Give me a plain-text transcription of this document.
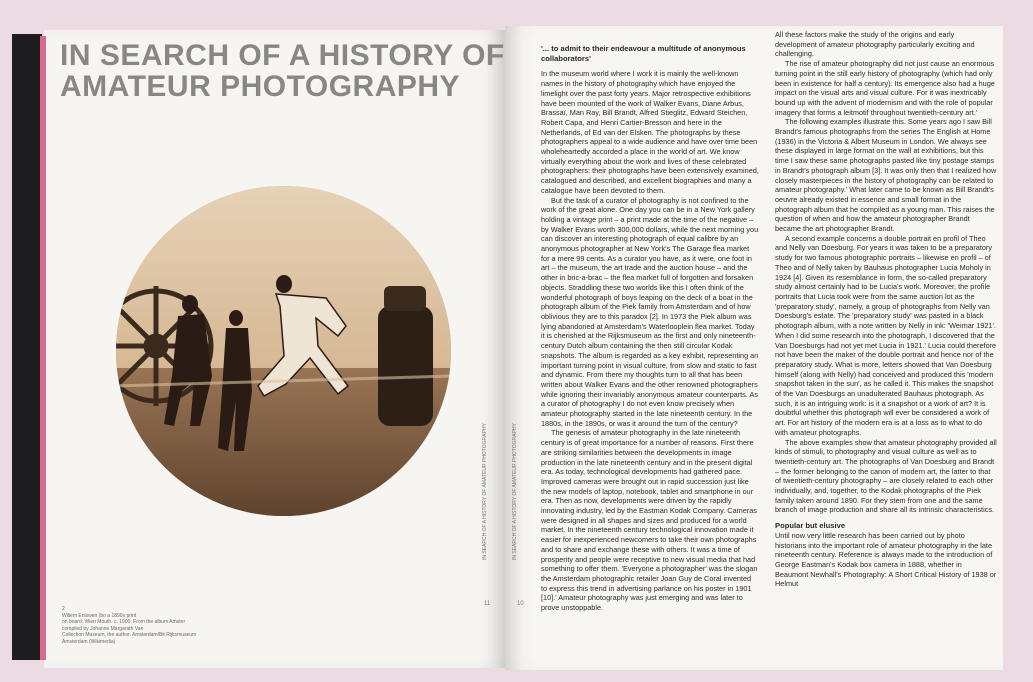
IN SEARCH OF A HISTORY OF
AMATEUR PHOTOGRAPHY
2
Willem Eniswen (bo a 1890s print
on board. Wien Mouth. c. 1900. From the album Amster
compiled by Johanne Margarath Van
Collection Museum, the author. Amsterdam/Bit Rijksmuseum
Amsterdam (Wikimedia)
11
IN SEARCH OF A HISTORY OF AMATEUR PHOTOGRAPHY
10
IN SEARCH OF A HISTORY OF AMATEUR PHOTOGRAPHY
'... to admit to their endeavour a multitude of anonymous collaborators'

In the museum world where I work it is mainly the well-known names in the history of photography which have enjoyed the limelight over the past forty years. Major retrospective exhibitions have been mounted of the work of Walker Evans, Diane Arbus, Brassaï, Man Ray, Bill Brandt, Alfred Stieglitz, Edward Steichen, Robert Capa, and Henri Cartier-Bresson and here in the Netherlands, of Ed van der Elsken. The photographs by these photographers appeal to a wide audience and have over time been wholeheartedly accorded a place in the world of art. We know virtually everything about the work and lives of these celebrated photographers: their photographs have been extensively examined, catalogued and described, and excellent biographies and many a catalogue have been devoted to them.

But the task of a curator of photography is not confined to the work of the great alone. One day you can be in a New York gallery holding a vintage print – a print made at the time of the negative – by Walker Evans worth 300,000 dollars, while the next morning you can discover an interesting photograph of equal calibre by an anonymous photographer at New York's The Garage flea market for a mere 99 cents. As a curator you have, as it were, one foot in art – the museum, the art trade and the auction house – and the other in bric-a-brac – the flea market full of forgotten and forsaken objects. Straddling these two worlds like this I often think of the wonderful photograph of boys leaping on the deck of a boat in the photograph album of the Piek family from Amsterdam and of how oblivious they are to this paradox [2]. In 1973 the Piek album was lying abandoned at Amsterdam's Waterlooplein flea market. Today it is cherished at the Rijksmuseum as the first and only nineteenth-century Dutch album containing the then still circular Kodak snapshots. The album is regarded as a key exhibit, representing an important turning point in visual culture, from slow and static to fast and dynamic. From there my thoughts turn to all that has been written about Walker Evans and the other renowned photographers while ignoring their invariably anonymous amateur counterparts. As a curator of photography I do not even know precisely when amateur photography started in the late nineteenth century. In the 1880s, in the 1890s, or was it around the turn of the century?

The genesis of amateur photography in the late nineteenth century is of great importance for a number of reasons. First there are striking similarities between the developments in image production in the late nineteenth century and in the present digital era. As today, technological developments had gathered pace. Improved cameras were brought out in rapid succession just like the new models of laptop, notebook, tablet and smartphone in our era. Then as now, developments were driven by the rapidly innovating industry, led by the Eastman Kodak Company. Cameras were designed in all shapes and sizes and produced for a world market. In the nineteenth century technological innovation made it easier for inexperienced newcomers to take their own photographs and to share and exchange these with others. It was a time of prosperity and people were receptive to new visual media that had something to offer them. 'Everyone a photographer' was the slogan the Amsterdam photographic retailer Joan Guy de Coral invented to express this trend in advertising parlance on his poster in 1901 [10].' Amateur photography was just emerging and was later to prove unstoppable.

All these factors make the study of the origins and early development of amateur photography particularly exciting and challenging.

The rise of amateur photography did not just cause an enormous turning point in the still early history of photography (which had only been in existence for half a century). Its emergence also had a huge impact on the visual arts and visual culture. For it was inextricably bound up with the advent of modernism and with the role of popular imagery that forms a leitmotif throughout twentieth-century art.'

The following examples illustrate this. Some years ago I saw Bill Brandt's famous photographs from the series The English at Home (1936) in the Victoria & Albert Museum in London. We always see these displayed in large format on the wall at exhibitions, but this time I saw these same photographs pasted like tiny postage stamps in Brandt's photograph album [3]. It was only then that I realized how closely masterpieces in the history of photography can be related to amateur photography.' What later came to be known as Bill Brandt's oeuvre already existed in essence and small format in the photograph album that he compiled as a young man. This raises the question of when and how the amateur photographer Brandt became the art photographer Brandt.

A second example concerns a double portrait en profil of Theo and Nelly van Doesburg. For years it was taken to be a preparatory study for two famous photographic portraits – likewise en profil – of Theo and of Nelly taken by Bauhaus photographer Lucia Moholy in 1924 [4]. Given its resemblance in form, the so-called preparatory study almost certainly had to be Lucia's work. Moreover, the profile portraits that Lucia took were from the same auction lot as the 'preparatory study', namely, a group of photographs from Nelly van Doesburg's estate. The 'preparatory study' was pasted in a black photograph album, with a note written by Nelly in ink: 'Weimar 1921'. When I did some research into the photograph, I discovered that the Van Doesburgs had not yet met Lucia in 1921.' Lucia could therefore not have been the maker of the double portrait and hence nor of the preparatory study. What is more, letters showed that Van Doesburg himself (along with Nelly) had conceived and produced this 'modern snapshot taken in the sun', as he called it. This makes the snapshot of the Van Doesburgs an unadulterated Bauhaus photograph. As such, it is an intriguing work: is it a snapshot or a work of art? It is doubtful whether this photograph will ever be considered a work of art. For art history of the modern era is at a loss as to what to do with amateur photographs.

The above examples show that amateur photography provided all kinds of stimuli, to photography and visual culture as well as to twentieth-century art. The photographs of Van Doesburg and Brandt – the former belonging to the canon of modern art, the latter to that of twentieth-century photography – are closely related to each other individually, and, together, to the Kodak photographs of the Piek family taken around 1890. For they stem from one and the same branch of image production and share all its intrinsic characteristics.

Popular but elusive

Until now very little research has been carried out by photo historians into the important role of amateur photography in the late nineteenth century. Reference is always made to the introduction of George Eastman's Kodak box camera in 1888, whether in Beaumont Newhall's Photography: A Short Critical History of 1938 or Helmut
